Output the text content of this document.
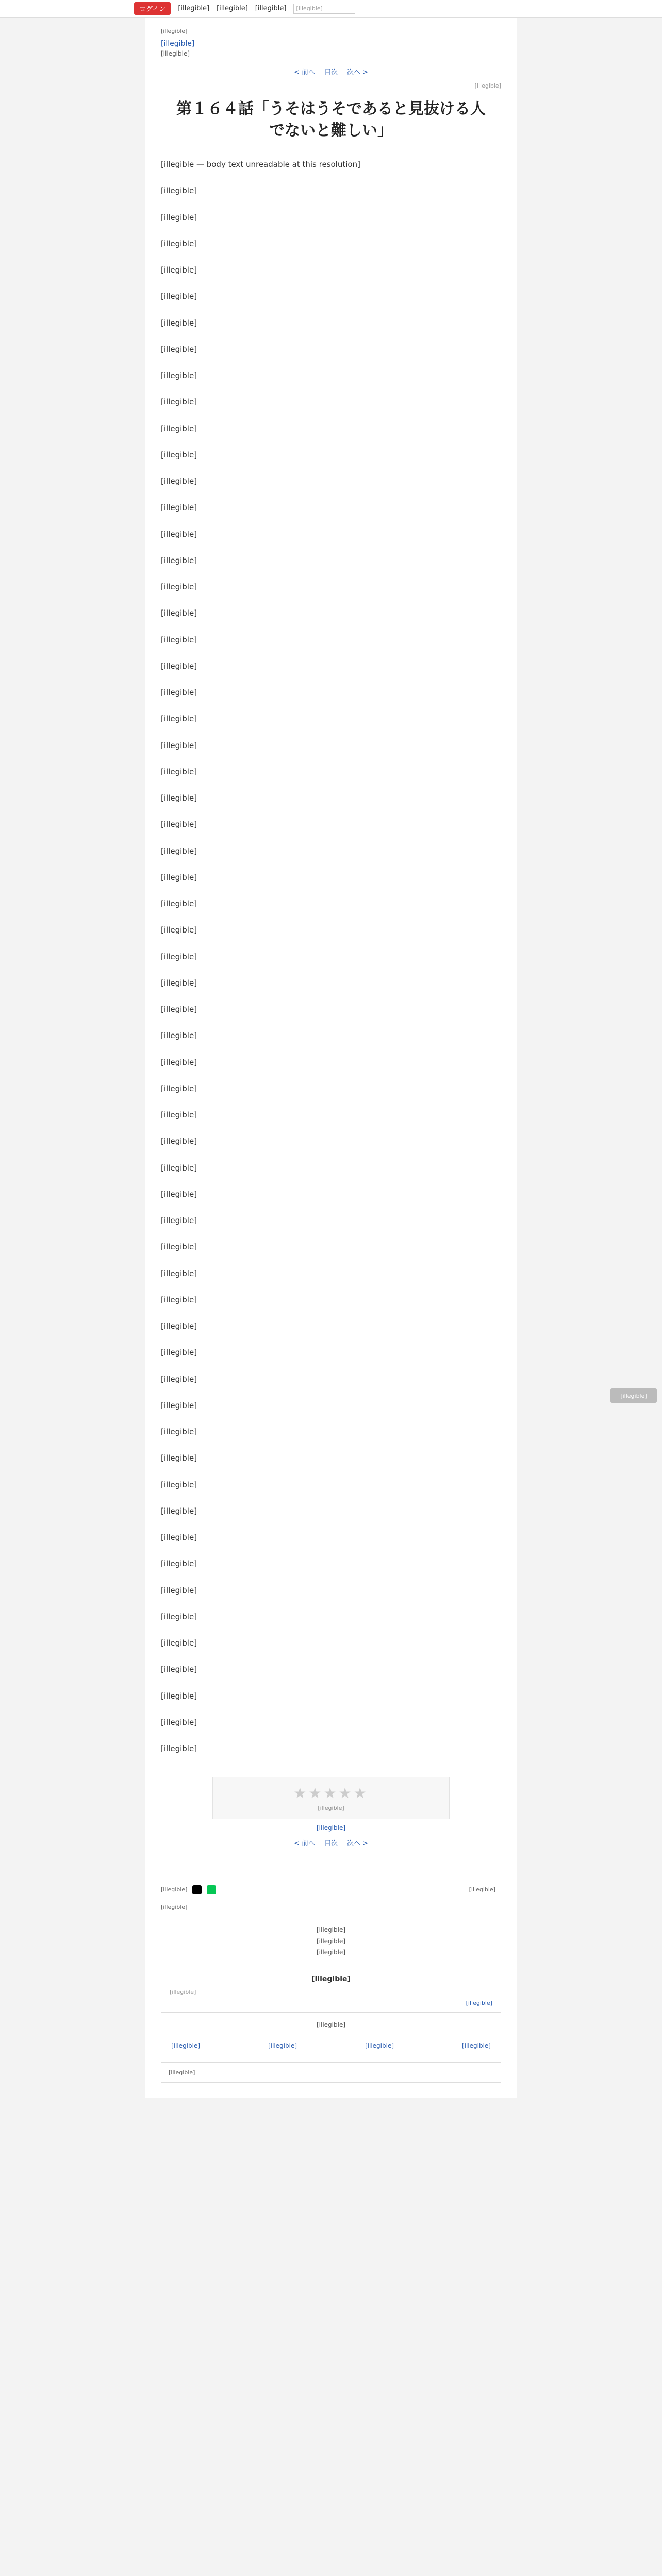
ログイン	[illegible] [illegible] [illegible]	[illegible]
[illegible]
[illegible]
[illegible]
< 前へ 目次 次へ >
[illegible]
第１６４話「うそはうそであると見抜ける人でないと難しい」

[illegible — body text unreadable at this resolution]

[illegible]

[illegible]

[illegible]

[illegible]

[illegible]

[illegible]

[illegible]

[illegible]

[illegible]

[illegible]

[illegible]

[illegible]

[illegible]

[illegible]

[illegible]

[illegible]

[illegible]

[illegible]

[illegible]

[illegible]

[illegible]

[illegible]

[illegible]

[illegible]

[illegible]

[illegible]

[illegible]

[illegible]

[illegible]

[illegible]

[illegible]

[illegible]

[illegible]

[illegible]

[illegible]

[illegible]

[illegible]

[illegible]

[illegible]

[illegible]

[illegible]

[illegible]

[illegible]

[illegible]

[illegible]

[illegible]

[illegible]

[illegible]

[illegible]

[illegible]

[illegible]

[illegible]

[illegible]

[illegible]

[illegible]

[illegible]

[illegible]

[illegible]

[illegible]

[illegible]

★★★★★
[illegible]
[illegible]
< 前へ 目次 次へ >
[illegible]
[illegible]	[illegible]
[illegible]
[illegible]
[illegible]
[illegible]
[illegible]
[illegible]
[illegible]
[illegible]
[illegible]	[illegible]	[illegible]	[illegible]
[illegible]
